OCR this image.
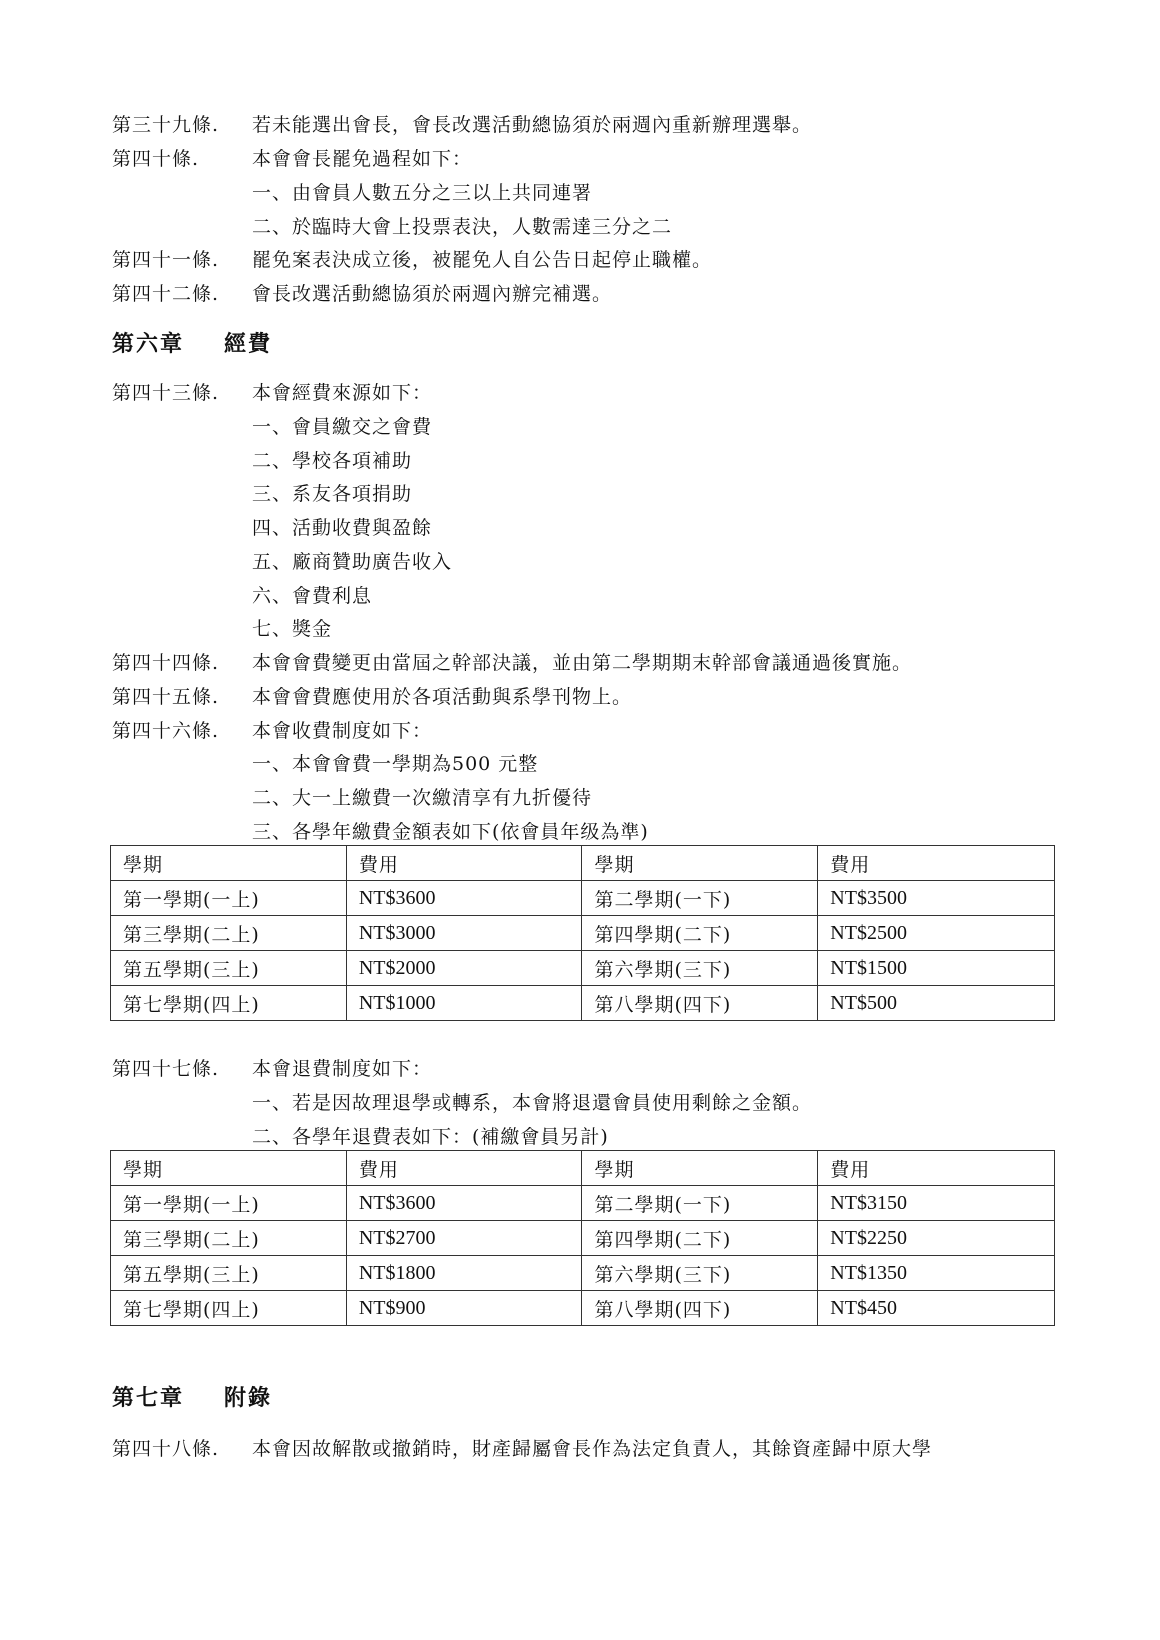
第三十九條. 若未能選出會長，會長改選活動總協須於兩週內重新辦理選舉。
第四十條.	本會會長罷免過程如下：
一、由會員人數五分之三以上共同連署
二、於臨時大會上投票表決，人數需達三分之二
第四十一條. 罷免案表決成立後，被罷免人自公告日起停止職權。
第四十二條. 會長改選活動總協須於兩週內辦完補選。
第六章 經費
第四十三條. 本會經費來源如下：
一、會員繳交之會費
二、學校各項補助
三、系友各項捐助
四、活動收費與盈餘
五、廠商贊助廣告收入
六、會費利息
七、獎金
第四十四條. 本會會費變更由當屆之幹部決議，並由第二學期期末幹部會議通過後實施。
第四十五條. 本會會費應使用於各項活動與系學刊物上。
第四十六條. 本會收費制度如下：
一、本會會費一學期為500 元整
二、大一上繳費一次繳清享有九折優待
三、各學年繳費金額表如下(依會員年级為準)
學期	費用	學期	費用
第一學期(一上)	NT$3600	第二學期(一下)	NT$3500
第三學期(二上)	NT$3000	第四學期(二下)	NT$2500
第五學期(三上)	NT$2000	第六學期(三下)	NT$1500
第七學期(四上)	NT$1000	第八學期(四下)	NT$500
第四十七條. 本會退費制度如下：
一、若是因故理退學或轉系，本會將退還會員使用剩餘之金額。
二、各學年退費表如下：(補繳會員另計)
學期	費用	學期	費用
第一學期(一上)	NT$3600	第二學期(一下)	NT$3150
第三學期(二上)	NT$2700	第四學期(二下)	NT$2250
第五學期(三上)	NT$1800	第六學期(三下)	NT$1350
第七學期(四上)	NT$900	第八學期(四下)	NT$450
第七章 附錄
第四十八條. 本會因故解散或撤銷時，財產歸屬會長作為法定負責人，其餘資產歸中原大學
